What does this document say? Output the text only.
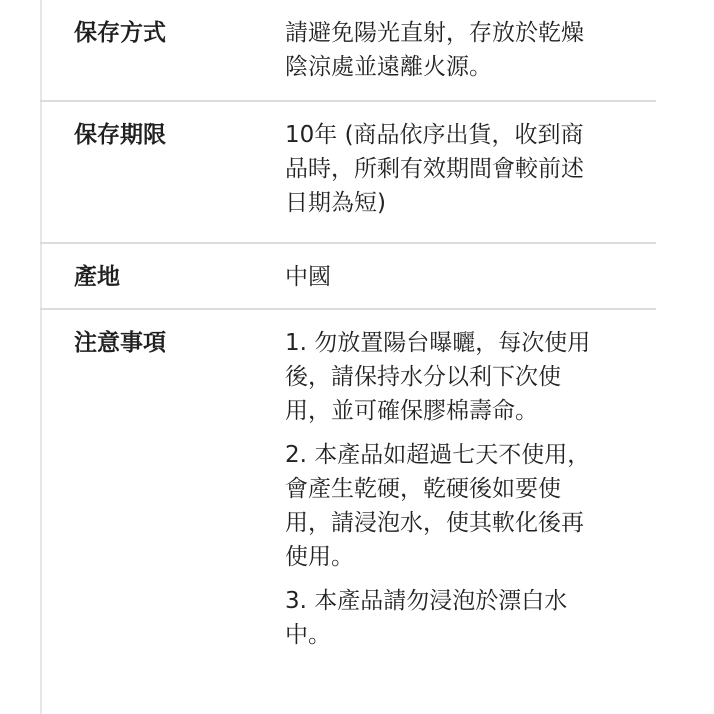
保存方式	請避免陽光直射，存放於乾燥
陰涼處並遠離火源。
保存期限	10年 (商品依序出貨，收到商
品時，所剩有效期間會較前述
日期為短)
產地	中國
注意事項	1. 勿放置陽台曝曬，每次使用
後，請保持水分以利下次使
用，並可確保膠棉壽命。
2. 本產品如超過七天不使用，
會產生乾硬，乾硬後如要使
用，請浸泡水，使其軟化後再
使用。
3. 本產品請勿浸泡於漂白水
中。
